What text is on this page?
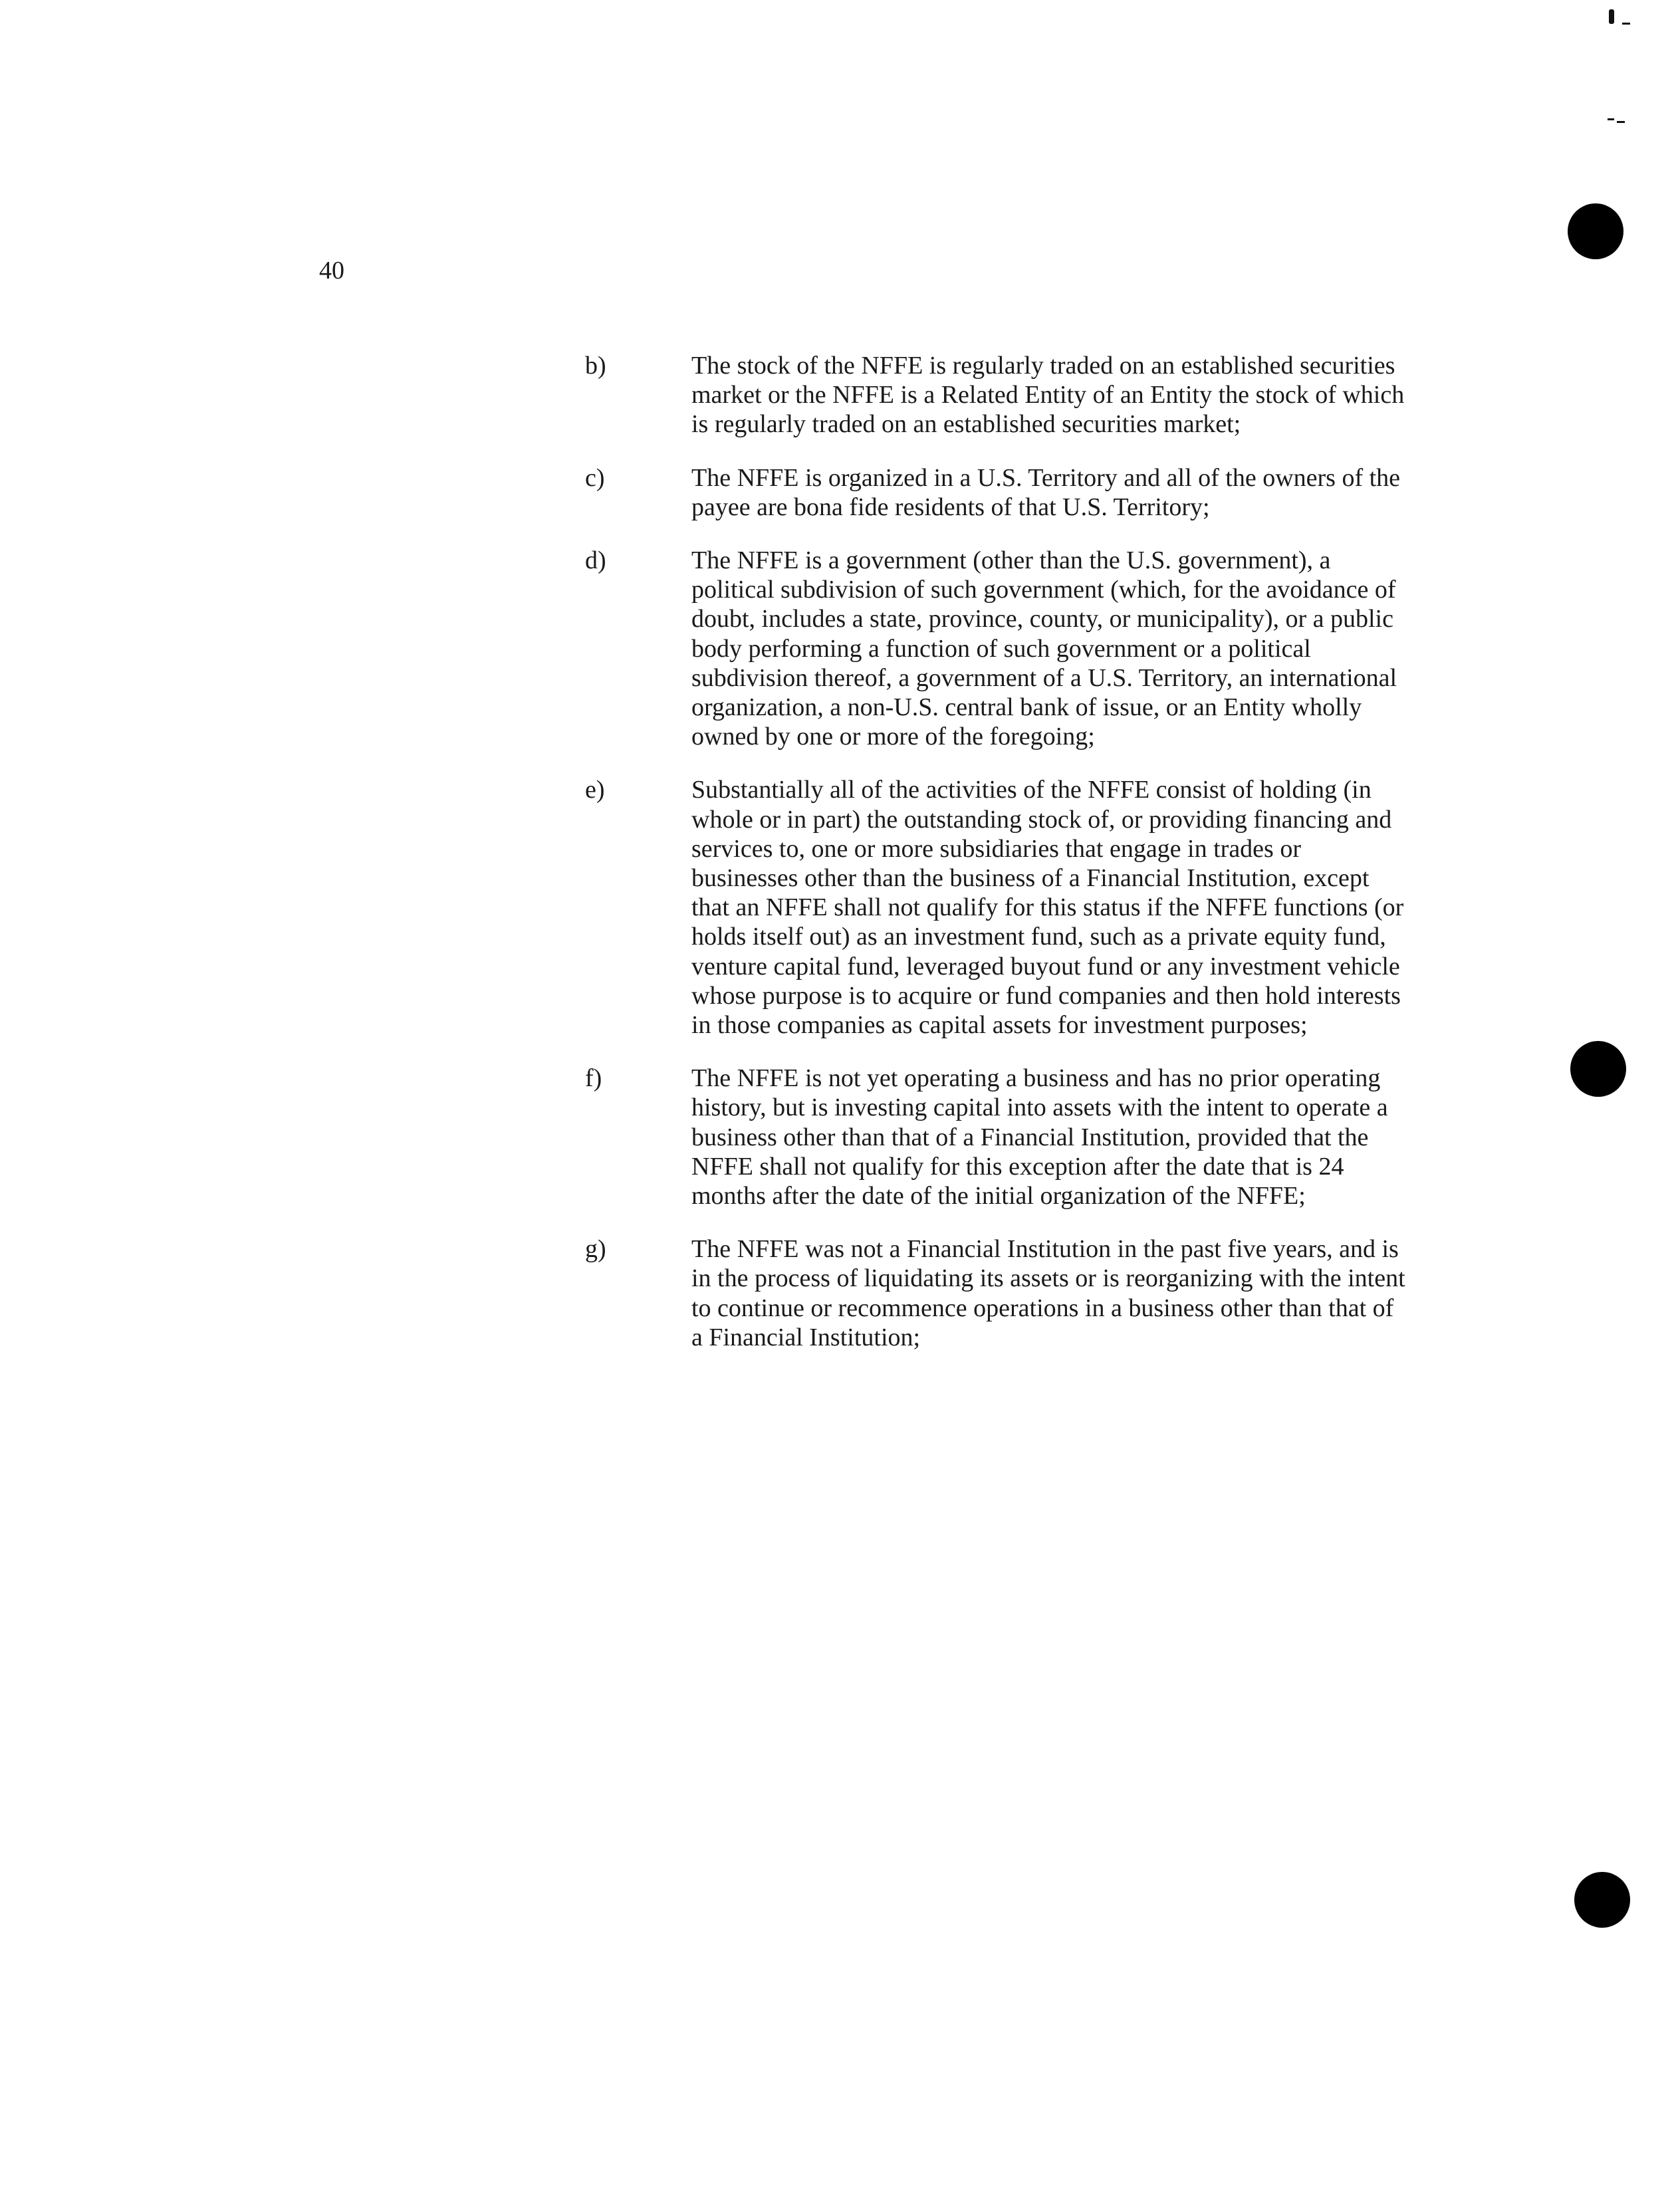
40
b)	The stock of the NFFE is regularly traded on an established securities market or the NFFE is a Related Entity of an Entity the stock of which is regularly traded on an established securities market;
c)	The NFFE is organized in a U.S. Territory and all of the owners of the payee are bona fide residents of that U.S. Territory;
d)	The NFFE is a government (other than the U.S. government), a political subdivision of such government (which, for the avoidance of doubt, includes a state, province, county, or municipality), or a public body performing a function of such government or a political subdivision thereof, a government of a U.S. Territory, an international organization, a non-U.S. central bank of issue, or an Entity wholly owned by one or more of the foregoing;
e)	Substantially all of the activities of the NFFE consist of holding (in whole or in part) the outstanding stock of, or providing financing and services to, one or more subsidiaries that engage in trades or businesses other than the business of a Financial Institution, except that an NFFE shall not qualify for this status if the NFFE functions (or holds itself out) as an investment fund, such as a private equity fund, venture capital fund, leveraged buyout fund or any investment vehicle whose purpose is to acquire or fund companies and then hold interests in those companies as capital assets for investment purposes;
f)	The NFFE is not yet operating a business and has no prior operating history, but is investing capital into assets with the intent to operate a business other than that of a Financial Institution, provided that the NFFE shall not qualify for this exception after the date that is 24 months after the date of the initial organization of the NFFE;
g)	The NFFE was not a Financial Institution in the past five years, and is in the process of liquidating its assets or is reorganizing with the intent to continue or recommence operations in a business other than that of a Financial Institution;
